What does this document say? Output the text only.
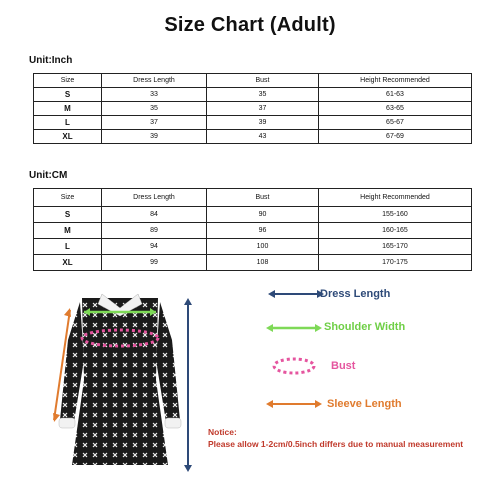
Size Chart (Adult)
Unit:Inch
Size	Dress Length	Bust	Height Recommended
S	33	35	61-63
M	35	37	63-65
L	37	39	65-67
XL	39	43	67-69
Unit:CM
Size	Dress Length	Bust	Height Recommended
S	84	90	155-160
M	89	96	160-165
L	94	100	165-170
XL	99	108	170-175
Dress Length
Shoulder Width
Bust
Sleeve Length
Notice:
Please allow 1-2cm/0.5inch differs due to manual measurement
